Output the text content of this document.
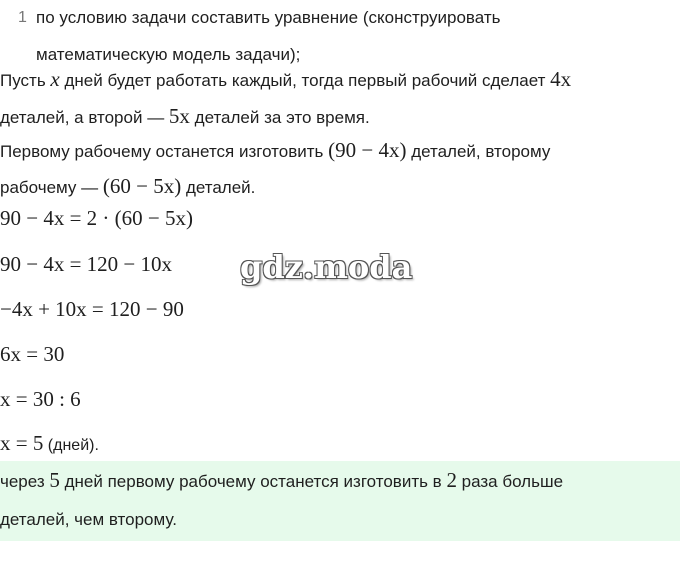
1 по условию задачи составить уравнение (сконструировать
математическую модель задачи);
Пусть x дней будет работать каждый, тогда первый рабочий сделает 4x
деталей, а второй — 5x деталей за это время.
Первому рабочему останется изготовить (90 − 4x) деталей, второму
рабочему — (60 − 5x) деталей.
90 − 4x = 2 · (60 − 5x)
90 − 4x = 120 − 10x
−4x + 10x = 120 − 90
6x = 30
x = 30 : 6
x = 5 (дней).
через 5 дней первому рабочему останется изготовить в 2 раза больше
деталей, чем второму.
gdz.moda
